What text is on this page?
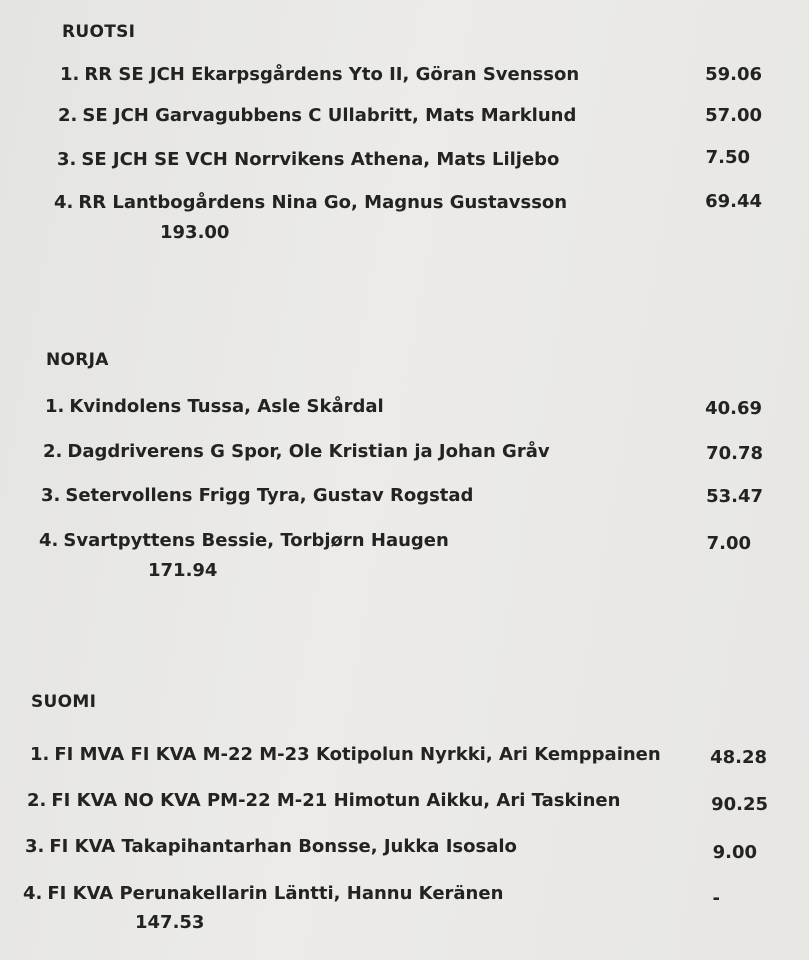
RUOTSI
1. RR SE JCH Ekarpsgårdens Yto II, Göran Svensson	59.06
2. SE JCH Garvagubbens C Ullabritt, Mats Marklund	57.00
3. SE JCH SE VCH Norrvikens Athena, Mats Liljebo	7.50
4. RR Lantbogårdens Nina Go, Magnus Gustavsson	69.44
193.00
NORJA
1. Kvindolens Tussa, Asle Skårdal	40.69
2. Dagdriverens G Spor, Ole Kristian ja Johan Gråv	70.78
3. Setervollens Frigg Tyra, Gustav Rogstad	53.47
4. Svartpyttens Bessie, Torbjørn Haugen	7.00
171.94
SUOMI
1. FI MVA FI KVA M-22 M-23 Kotipolun Nyrkki, Ari Kemppainen	48.28
2. FI KVA NO KVA PM-22 M-21 Himotun Aikku, Ari Taskinen	90.25
3. FI KVA Takapihantarhan Bonsse, Jukka Isosalo	9.00
4. FI KVA Perunakellarin Läntti, Hannu Keränen	-
147.53
